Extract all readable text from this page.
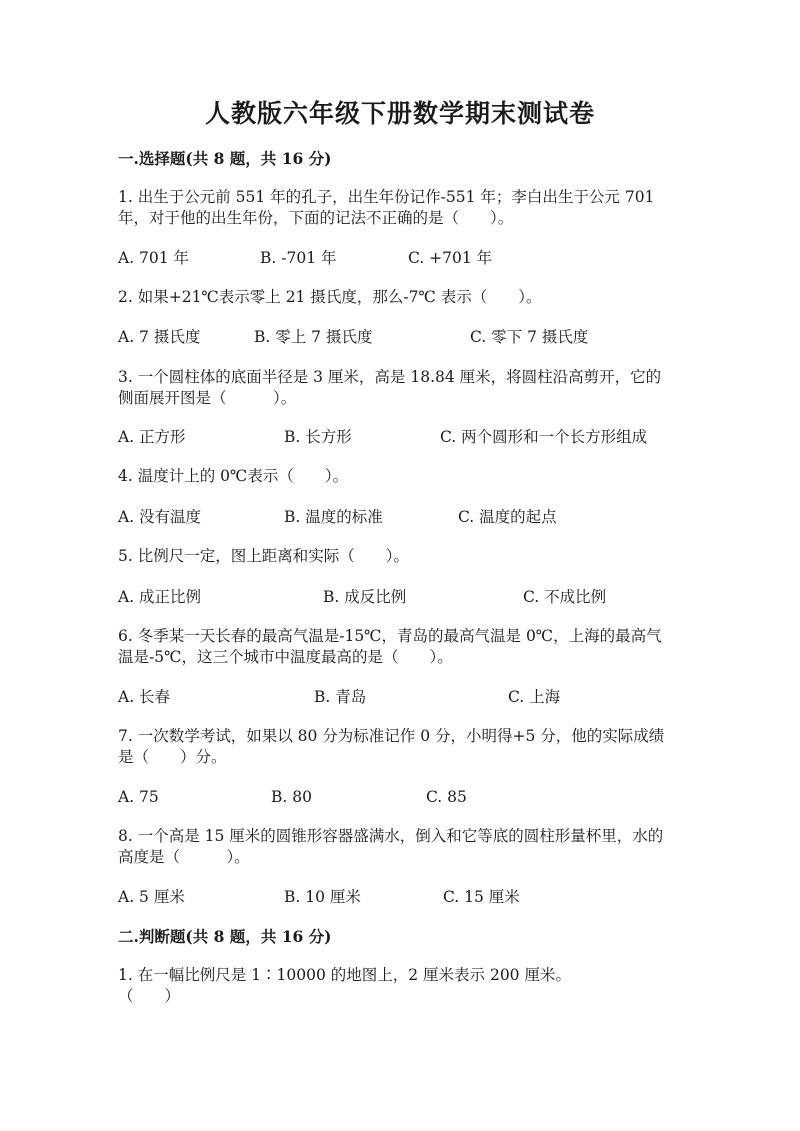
人教版六年级下册数学期末测试卷
一.选择题(共 8 题，共 16 分)
1. 出生于公元前 551 年的孔子，出生年份记作-551 年；李白出生于公元 701
年，对于他的出生年份，下面的记法不正确的是（　　）。
A. 701 年	B. -701 年	C. +701 年
2. 如果+21℃表示零上 21 摄氏度，那么-7℃ 表示（　　）。
A. 7 摄氏度	B. 零上 7 摄氏度	C. 零下 7 摄氏度
3. 一个圆柱体的底面半径是 3 厘米，高是 18.84 厘米，将圆柱沿高剪开，它的
侧面展开图是（　　　）。
A. 正方形	B. 长方形	C. 两个圆形和一个长方形组成
4. 温度计上的 0℃表示（　　）。
A. 没有温度	B. 温度的标准	C. 温度的起点
5. 比例尺一定，图上距离和实际（　　）。
A. 成正比例	B. 成反比例	C. 不成比例
6. 冬季某一天长春的最高气温是-15℃，青岛的最高气温是 0℃，上海的最高气
温是-5℃，这三个城市中温度最高的是（　　）。
A. 长春	B. 青岛	C. 上海
7. 一次数学考试，如果以 80 分为标准记作 0 分，小明得+5 分，他的实际成绩
是（　　）分。
A. 75	B. 80	C. 85
8. 一个高是 15 厘米的圆锥形容器盛满水，倒入和它等底的圆柱形量杯里，水的
高度是（　　　）。
A. 5 厘米	B. 10 厘米	C. 15 厘米
二.判断题(共 8 题，共 16 分)
1. 在一幅比例尺是 1∶10000 的地图上，2 厘米表示 200 厘米。
（　　）
